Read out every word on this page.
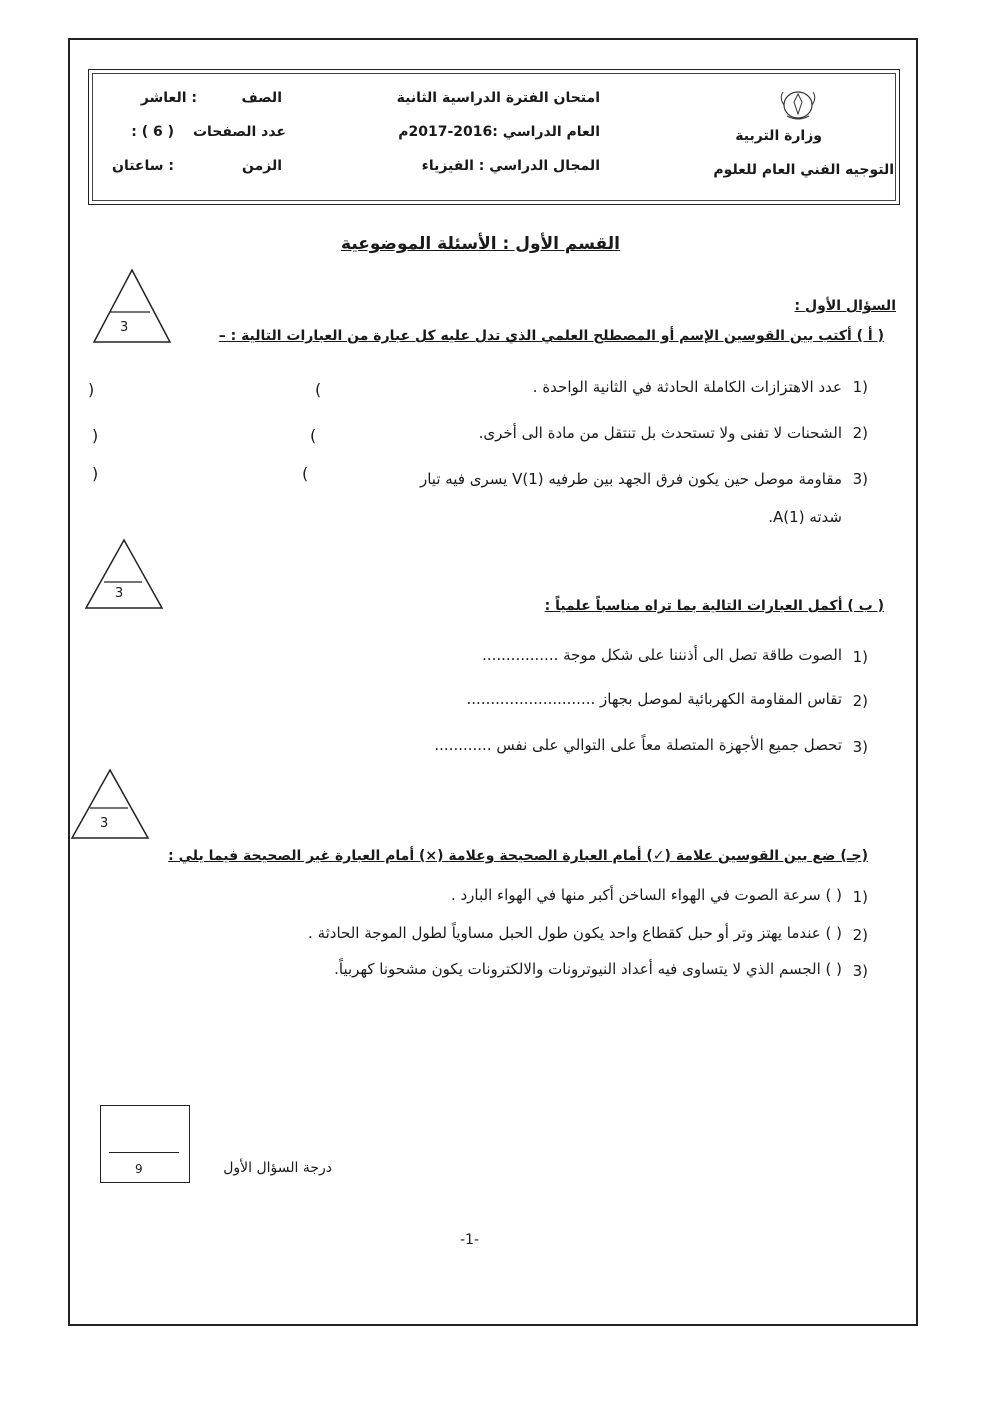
وزارة التربية
التوجيه الفني العام للعلوم
امتحان الفترة الدراسية الثانية
العام الدراسي :2016-2017م
المجال الدراسي : الفيزياء
الصف
: العاشر
عدد الصفحات
: ( 6 )
الزمن
: ساعتان
القسم الأول : الأسئلة الموضوعية
3
السؤال الأول :
( أ ) أكتب بين القوسين الإسم أو المصطلح العلمي الذي تدل عليه كل عبارة من العبارات التالية : –
1)
عدد الاهتزازات الكاملة الحادثة في الثانية الواحدة .
)	(
2)
الشحنات لا تفنى ولا تستحدث بل تنتقل من مادة الى أخرى.
)	(
3)
مقاومة موصل حين يكون فرق الجهد بين طرفيه V(1) يسرى فيه تيار
شدته A(1).
)	(
3
( ب ) أكمل العبارات التالية بما تراه مناسباً علمياً :
1)
الصوت طاقة تصل الى أذنننا على شكل موجة ................
2)
تقاس المقاومة الكهربائية لموصل بجهاز ...........................
3)
تحصل جميع الأجهزة المتصلة معاً على التوالي على نفس ............
3
(جـ) ضع بين القوسين علامة (✓) أمام العبارة الصحيحة وعلامة (×) أمام العبارة غير الصحيحة فيما يلي :
1)
( ) سرعة الصوت في الهواء الساخن أكبر منها في الهواء البارد .
2)
( ) عندما يهتز وتر أو حبل كقطاع واحد يكون طول الحبل مساوياً لطول الموجة الحادثة .
3)
( ) الجسم الذي لا يتساوى فيه أعداد النيوترونات والالكترونات يكون مشحونا كهربياً.
9	درجة السؤال الأول
-1-
